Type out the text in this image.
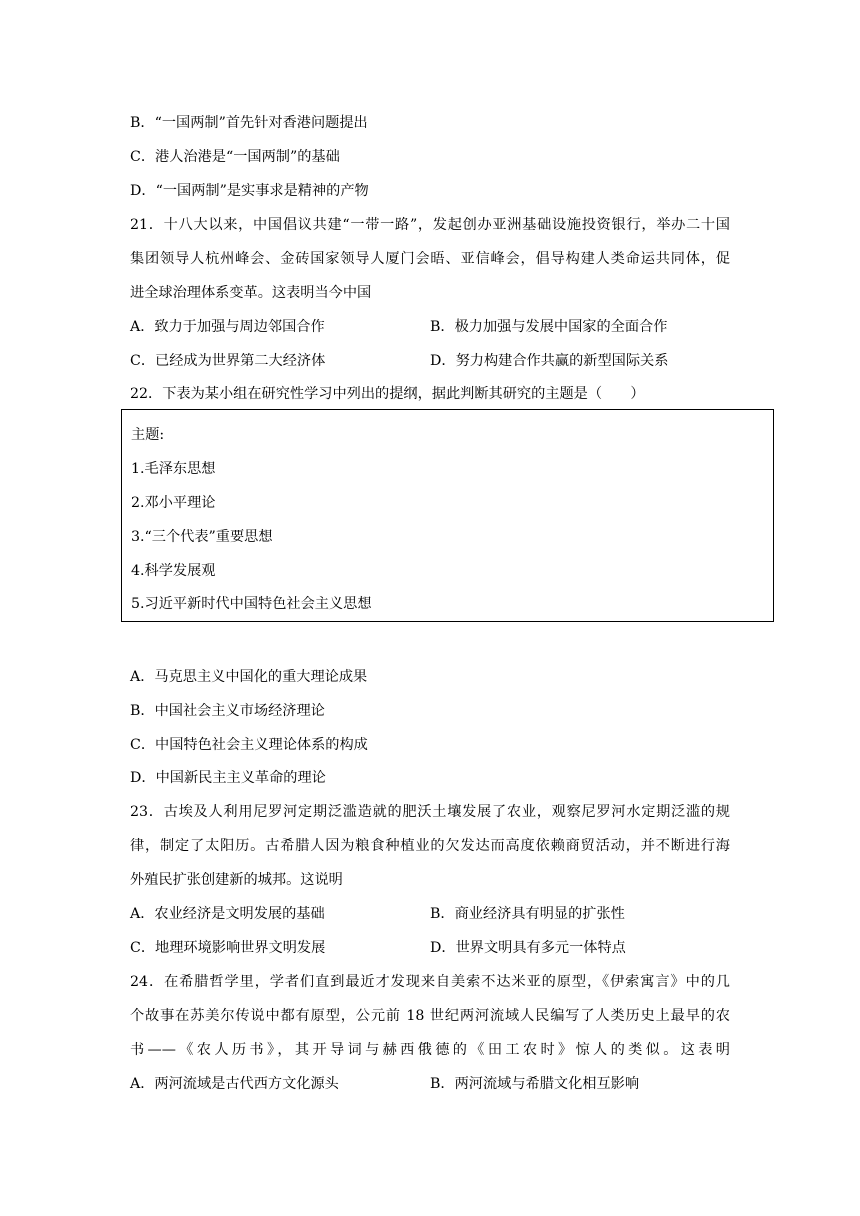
B．“一国两制”首先针对香港问题提出
C．港人治港是“一国两制”的基础
D．“一国两制”是实事求是精神的产物
21．十八大以来，中国倡议共建“一带一路”，发起创办亚洲基础设施投资银行，举办二十国
集团领导人杭州峰会、金砖国家领导人厦门会晤、亚信峰会，倡导构建人类命运共同体，促
进全球治理体系变革。这表明当今中国
A．致力于加强与周边邻国合作	B．极力加强与发展中国家的全面合作
C．已经成为世界第二大经济体	D．努力构建合作共赢的新型国际关系
22．下表为某小组在研究性学习中列出的提纲，据此判断其研究的主题是（　　）
主题:
1.毛泽东思想
2.邓小平理论
3.“三个代表”重要思想
4.科学发展观
5.习近平新时代中国特色社会主义思想
A．马克思主义中国化的重大理论成果
B．中国社会主义市场经济理论
C．中国特色社会主义理论体系的构成
D．中国新民主主义革命的理论
23．古埃及人利用尼罗河定期泛滥造就的肥沃土壤发展了农业，观察尼罗河水定期泛滥的规
律，制定了太阳历。古希腊人因为粮食种植业的欠发达而高度依赖商贸活动，并不断进行海
外殖民扩张创建新的城邦。这说明
A．农业经济是文明发展的基础	B．商业经济具有明显的扩张性
C．地理环境影响世界文明发展	D．世界文明具有多元一体特点
24．在希腊哲学里，学者们直到最近才发现来自美索不达米亚的原型，《伊索寓言》中的几
个故事在苏美尔传说中都有原型，公元前 18 世纪两河流域人民编写了人类历史上最早的农
书——《农人历书》，其开导词与赫西俄德的《田工农时》惊人的类似。这表明
A．两河流域是古代西方文化源头	B．两河流域与希腊文化相互影响
